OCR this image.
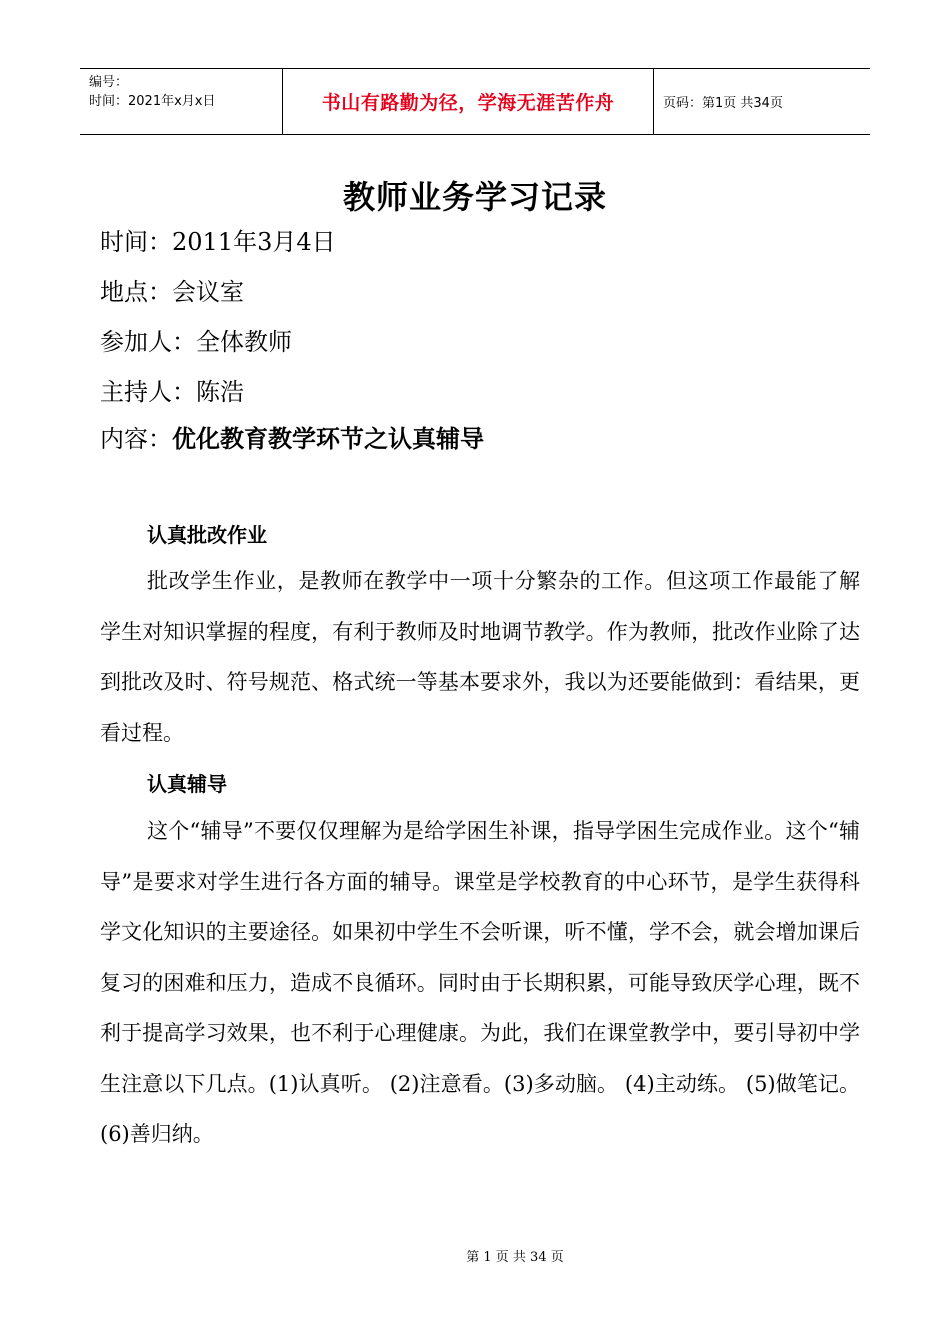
编号：
时间：2021年x月x日	书山有路勤为径，学海无涯苦作舟	页码：第1页 共34页
教师业务学习记录
时间：2011年3月4日
地点：会议室
参加人：全体教师
主持人：陈浩
内容：优化教育教学环节之认真辅导
认真批改作业
批改学生作业，是教师在教学中一项十分繁杂的工作。但这项工作最能了解学生对知识掌握的程度，有利于教师及时地调节教学。作为教师，批改作业除了达到批改及时、符号规范、格式统一等基本要求外，我以为还要能做到：看结果，更看过程。
认真辅导
这个“辅导”不要仅仅理解为是给学困生补课，指导学困生完成作业。这个“辅导”是要求对学生进行各方面的辅导。课堂是学校教育的中心环节，是学生获得科学文化知识的主要途径。如果初中学生不会听课，听不懂，学不会，就会增加课后复习的困难和压力，造成不良循环。同时由于长期积累，可能导致厌学心理，既不利于提高学习效果，也不利于心理健康。为此，我们在课堂教学中，要引导初中学生注意以下几点。(1)认真听。 (2)注意看。(3)多动脑。 (4)主动练。 (5)做笔记。 (6)善归纳。
第 1 页 共 34 页
